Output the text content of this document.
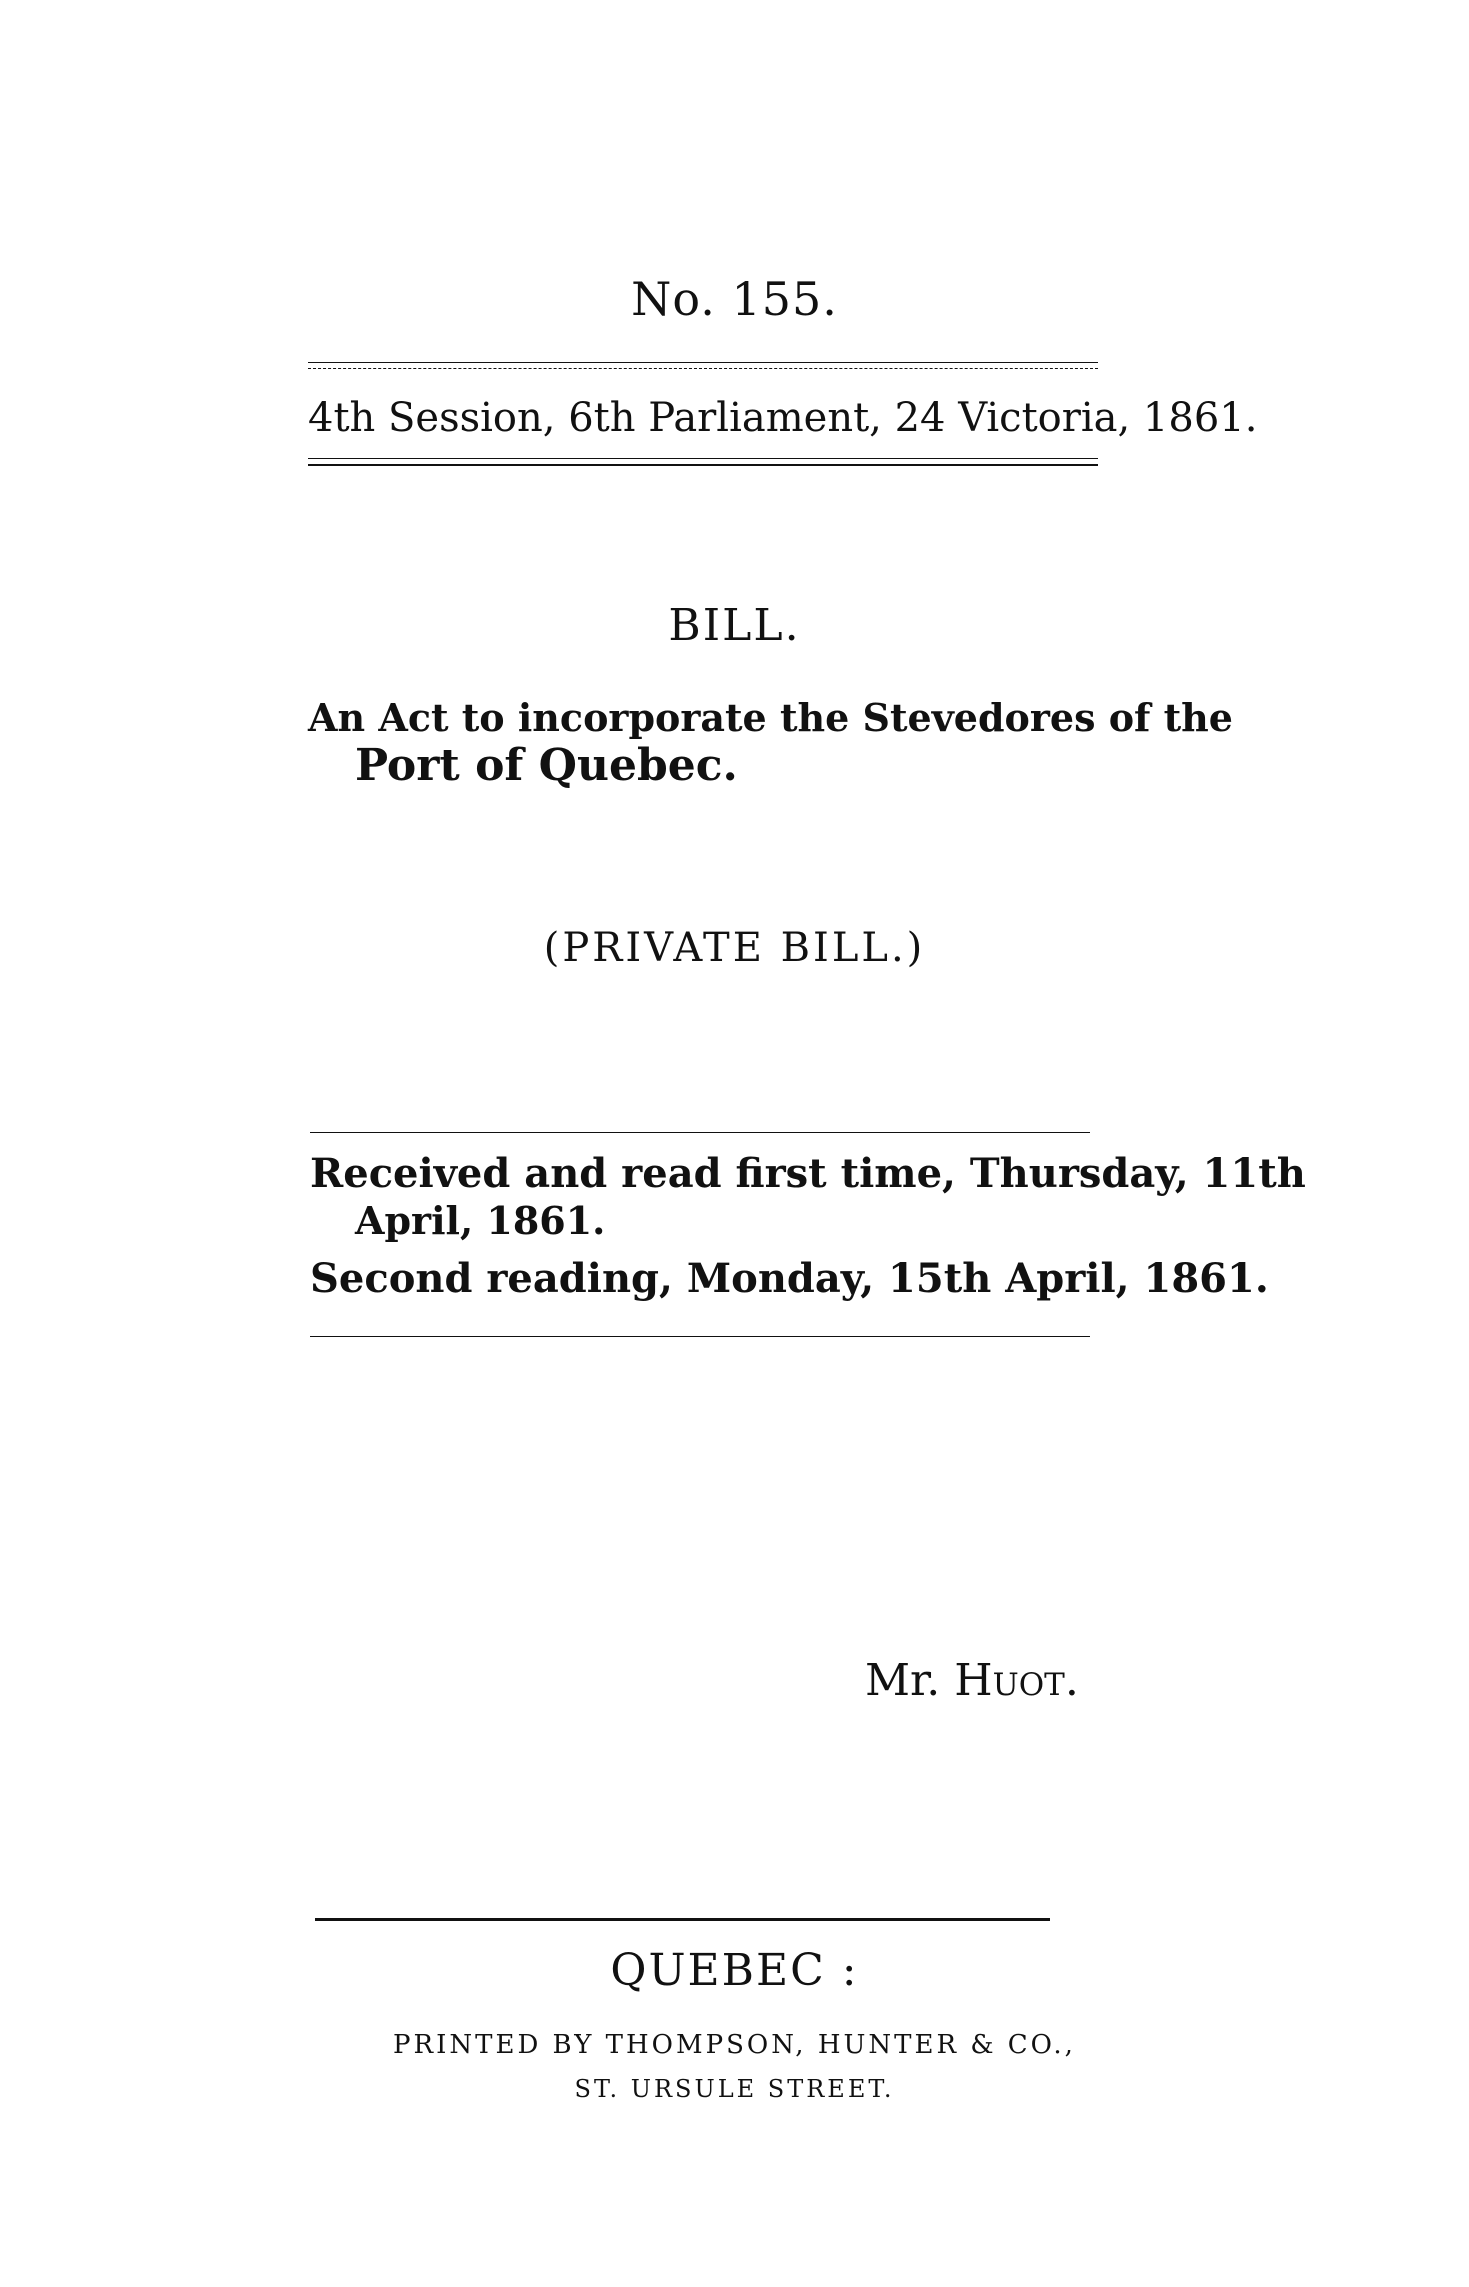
No. 155.
4th Session, 6th Parliament, 24 Victoria, 1861.
BILL.
An Act to incorporate the Stevedores of the
Port of Quebec.
(PRIVATE BILL.)
Received and read first time, Thursday, 11th
April, 1861.
Second reading, Monday, 15th April, 1861.
Mr. Huot.
QUEBEC :
PRINTED BY THOMPSON, HUNTER & CO.,
ST. URSULE STREET.
